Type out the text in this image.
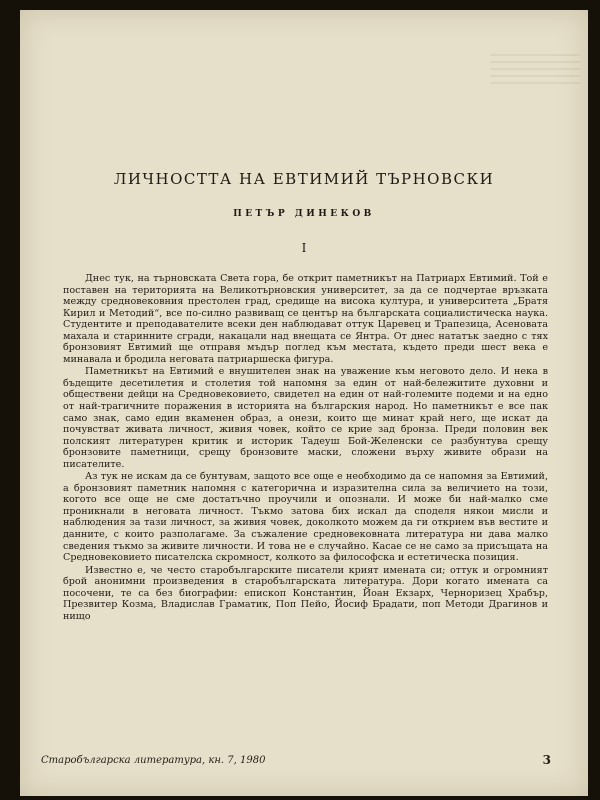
ЛИЧНОСТТА НА ЕВТИМИЙ ТЪРНОВСКИ
ПЕТЪР ДИНЕКОВ
I

Днес тук, на търновската Света гора, бе открит паметникът на Патриарх Евтимий. Той е поставен на територията на Великотърновския университет, за да се подчертае връзката между средновековния престолен град, средище на висока култура, и университета „Братя Кирил и Методий“, все по-силно развиващ се център на българската социалистическа наука. Студентите и преподавателите всеки ден наблюдават оттук Царевец и Трапезица, Асеновата махала и старинните сгради, накацали над внещата се Янтра. От днес нататък заедно с тях бронзовият Евтимий ще отправя мъдър поглед към местата, където преди шест века е минавала и бродила неговата патриаршеска фигура.

Паметникът на Евтимий е внушителен знак на уважение към неговото дело. И нека в бъдещите десетилетия и столетия той напомня за един от най-бележитите духовни и обществени дейци на Средновековието, свидетел на един от най-големите подеми и на едно от най-трагичните поражения в историята на българския народ. Но паметникът е все пак само знак, само един вкаменен образ, а онези, които ще минат край него, ще искат да почувстват живата личност, живия човек, който се крие зад бронза. Преди половин век полският литературен критик и историк Тадеуш Бой-Желенски се разбунтува срещу бронзовите паметници, срещу бронзовите маски, сложени върху живите образи на писателите.

Аз тук не искам да се бунтувам, защото все още е необходимо да се напомня за Евтимий, а бронзовият паметник напомня с категорична и изразителна сила за величието на този, когото все още не сме достатъчно проучили и опознали. И може би най-малко сме проникнали в неговата личност. Тъкмо затова бих искал да споделя някои мисли и наблюдения за тази личност, за живия човек, доколкото можем да ги открием във вестите и данните, с които разполагаме. За съжаление средновековната литература ни дава малко сведения тъкмо за живите личности. И това не е случайно. Касае се не само за присъщата на Средновековието писателска скромност, колкото за философска и естетическа позиция.

Известно е, че често старобългарските писатели крият имената си; оттук и огромният брой анонимни произведения в старобългарската литература. Дори когато имената са посочени, те са без биографии: епископ Константин, Йоан Екзарх, Черноризец Храбър, Презвитер Козма, Владислав Граматик, Поп Пейо, Йосиф Брадати, поп Методи Драгинов и нищо

Старобългарска литература, кн. 7, 1980	3
